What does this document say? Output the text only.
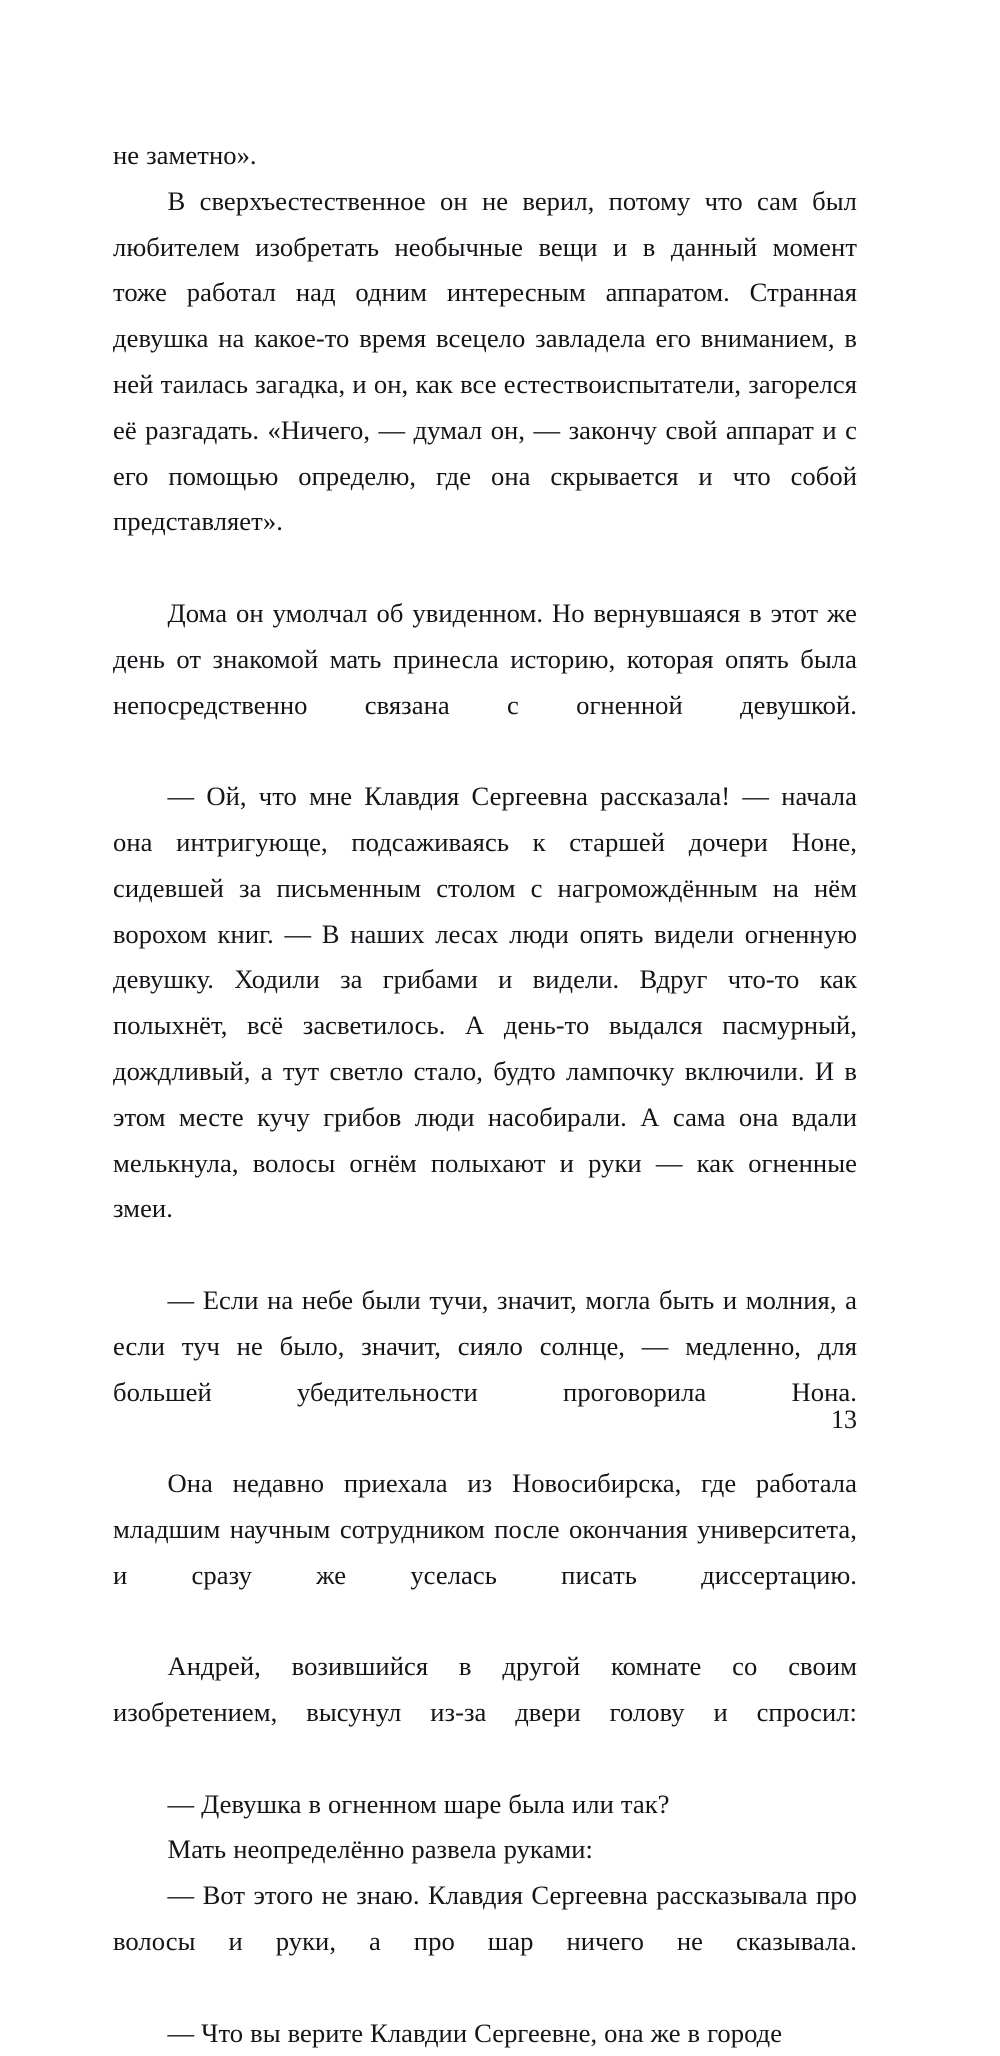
не заметно».

В сверхъестественное он не верил, потому что сам был любителем изобретать необычные вещи и в данный момент тоже работал над одним интересным аппаратом. Странная девушка на какое-то время всецело завладела его вниманием, в ней таилась загадка, и он, как все естествоиспытатели, загорелся её разгадать. «Ничего, — думал он, — закончу свой аппарат и с его помощью определю, где она скрывается и что собой представляет».

Дома он умолчал об увиденном. Но вернувшаяся в этот же день от знакомой мать принесла историю, которая опять была непосредственно связана с огненной девушкой.

— Ой, что мне Клавдия Сергеевна рассказала! — начала она интригующе, подсаживаясь к старшей дочери Ноне, сидевшей за письменным столом с нагромождённым на нём ворохом книг. — В наших лесах люди опять видели огненную девушку. Ходили за грибами и видели. Вдруг что-то как полыхнёт, всё засветилось. А день-то выдался пасмурный, дождливый, а тут светло стало, будто лампочку включили. И в этом месте кучу грибов люди насобирали. А сама она вдали мелькнула, волосы огнём полыхают и руки — как огненные змеи.

— Если на небе были тучи, значит, могла быть и молния, а если туч не было, значит, сияло солнце, — медленно, для большей убедительности проговорила Нона.

Она недавно приехала из Новосибирска, где работала младшим научным сотрудником после окончания университета, и сразу же уселась писать диссертацию.

Андрей, возившийся в другой комнате со своим изобретением, высунул из-за двери голову и спросил:

— Девушка в огненном шаре была или так?

Мать неопределённо развела руками:

— Вот этого не знаю. Клавдия Сергеевна рассказывала про волосы и руки, а про шар ничего не сказывала.

— Что вы верите Клавдии Сергеевне, она же в городе

13
